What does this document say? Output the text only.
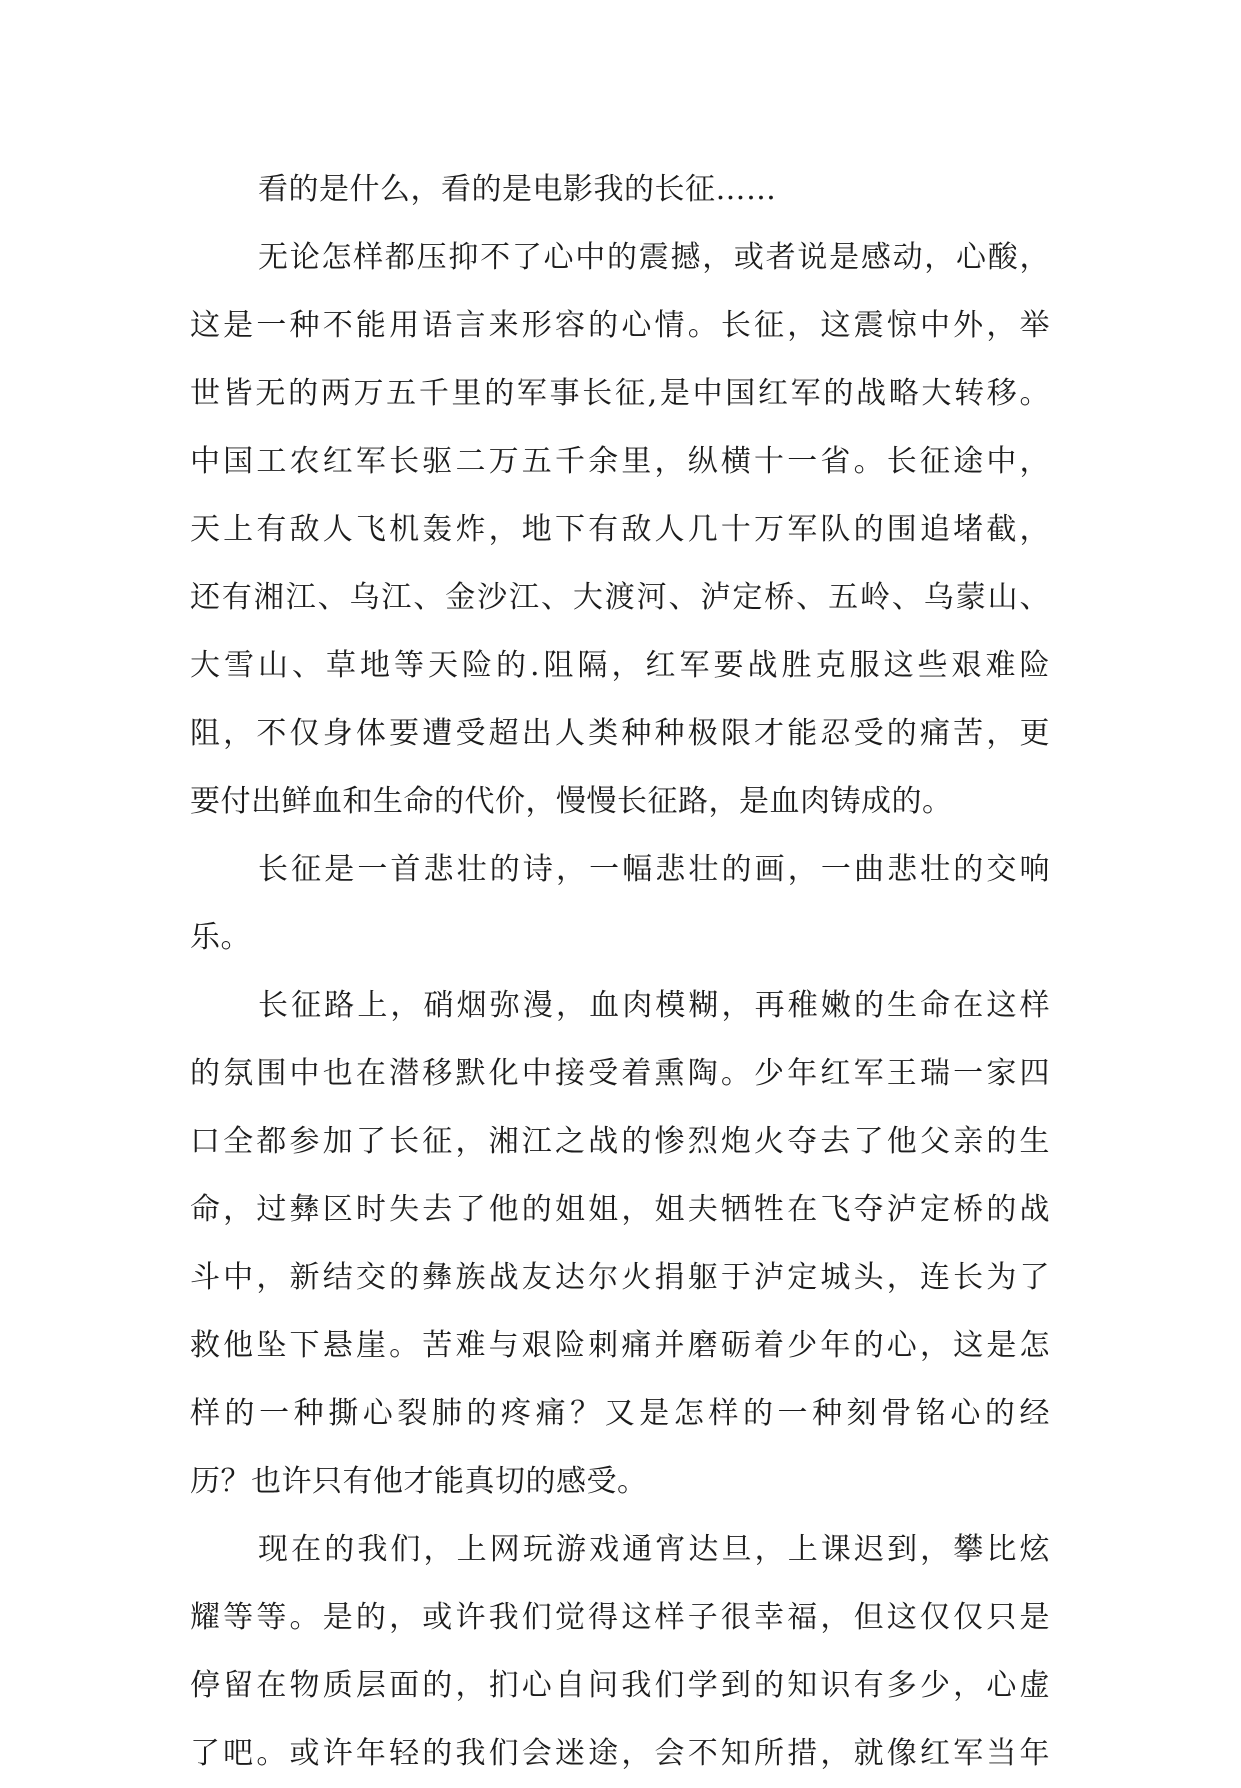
看的是什么，看的是电影我的长征……
无论怎样都压抑不了心中的震撼，或者说是感动，心酸，
这是一种不能用语言来形容的心情。长征，这震惊中外，举
世皆无的两万五千里的军事长征,是中国红军的战略大转移。
中国工农红军长驱二万五千余里，纵横十一省。长征途中，
天上有敌人飞机轰炸，地下有敌人几十万军队的围追堵截，
还有湘江、乌江、金沙江、大渡河、泸定桥、五岭、乌蒙山、
大雪山、草地等天险的.阻隔，红军要战胜克服这些艰难险
阻，不仅身体要遭受超出人类种种极限才能忍受的痛苦，更
要付出鲜血和生命的代价，慢慢长征路，是血肉铸成的。
长征是一首悲壮的诗，一幅悲壮的画，一曲悲壮的交响
乐。
长征路上，硝烟弥漫，血肉模糊，再稚嫩的生命在这样
的氛围中也在潜移默化中接受着熏陶。少年红军王瑞一家四
口全都参加了长征，湘江之战的惨烈炮火夺去了他父亲的生
命，过彝区时失去了他的姐姐，姐夫牺牲在飞夺泸定桥的战
斗中，新结交的彝族战友达尔火捐躯于泸定城头，连长为了
救他坠下悬崖。苦难与艰险刺痛并磨砺着少年的心，这是怎
样的一种撕心裂肺的疼痛？又是怎样的一种刻骨铭心的经
历？也许只有他才能真切的感受。
现在的我们，上网玩游戏通宵达旦，上课迟到，攀比炫
耀等等。是的，或许我们觉得这样子很幸福，但这仅仅只是
停留在物质层面的，扪心自问我们学到的知识有多少，心虚
了吧。或许年轻的我们会迷途，会不知所措，就像红军当年
